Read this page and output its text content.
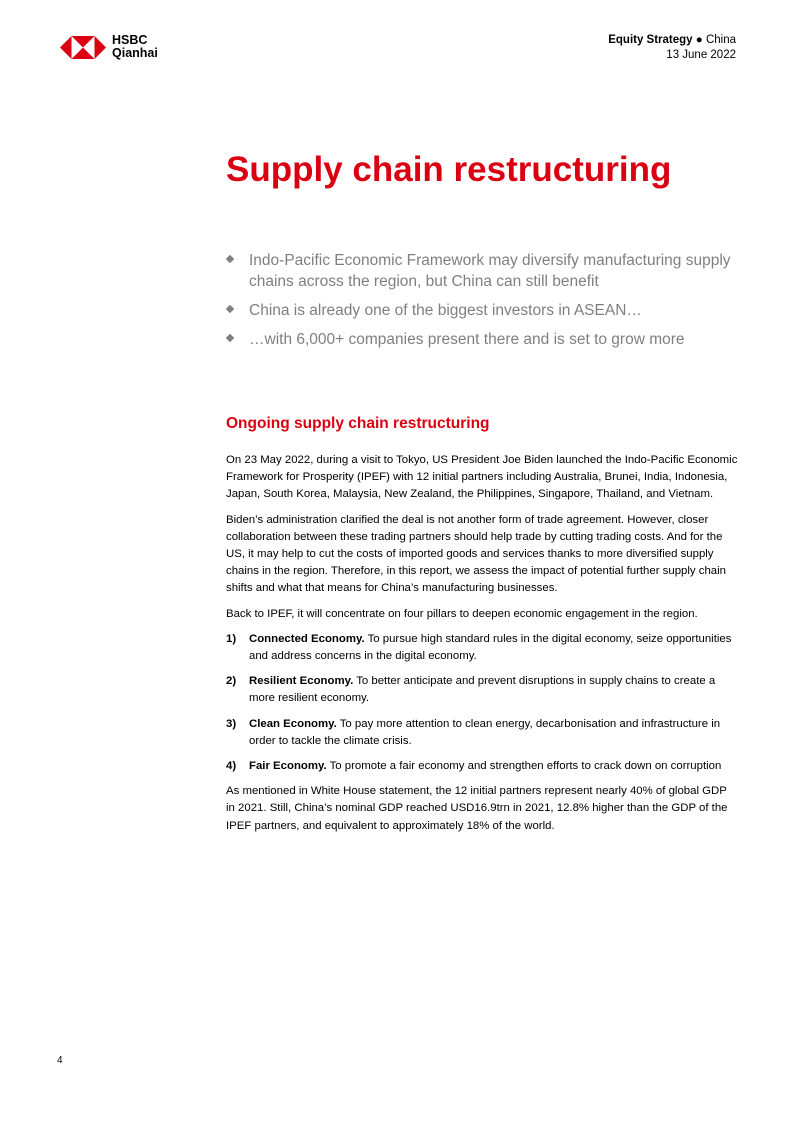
HSBC
Qianhai
Equity Strategy ● China
13 June 2022
Supply chain restructuring
Indo-Pacific Economic Framework may diversify manufacturing supply chains across the region, but China can still benefit
China is already one of the biggest investors in ASEAN…
…with 6,000+ companies present there and is set to grow more
Ongoing supply chain restructuring

On 23 May 2022, during a visit to Tokyo, US President Joe Biden launched the Indo-Pacific Economic Framework for Prosperity (IPEF) with 12 initial partners including Australia, Brunei, India, Indonesia, Japan, South Korea, Malaysia, New Zealand, the Philippines, Singapore, Thailand, and Vietnam.

Biden’s administration clarified the deal is not another form of trade agreement. However, closer collaboration between these trading partners should help trade by cutting trading costs. And for the US, it may help to cut the costs of imported goods and services thanks to more diversified supply chains in the region. Therefore, in this report, we assess the impact of potential further supply chain shifts and what that means for China’s manufacturing businesses.

Back to IPEF, it will concentrate on four pillars to deepen economic engagement in the region.

1) Connected Economy. To pursue high standard rules in the digital economy, seize opportunities and address concerns in the digital economy.
2) Resilient Economy. To better anticipate and prevent disruptions in supply chains to create a more resilient economy.
3) Clean Economy. To pay more attention to clean energy, decarbonisation and infrastructure in order to tackle the climate crisis.
4) Fair Economy. To promote a fair economy and strengthen efforts to crack down on corruption

As mentioned in White House statement, the 12 initial partners represent nearly 40% of global GDP in 2021. Still, China’s nominal GDP reached USD16.9trn in 2021, 12.8% higher than the GDP of the IPEF partners, and equivalent to approximately 18% of the world.

4
